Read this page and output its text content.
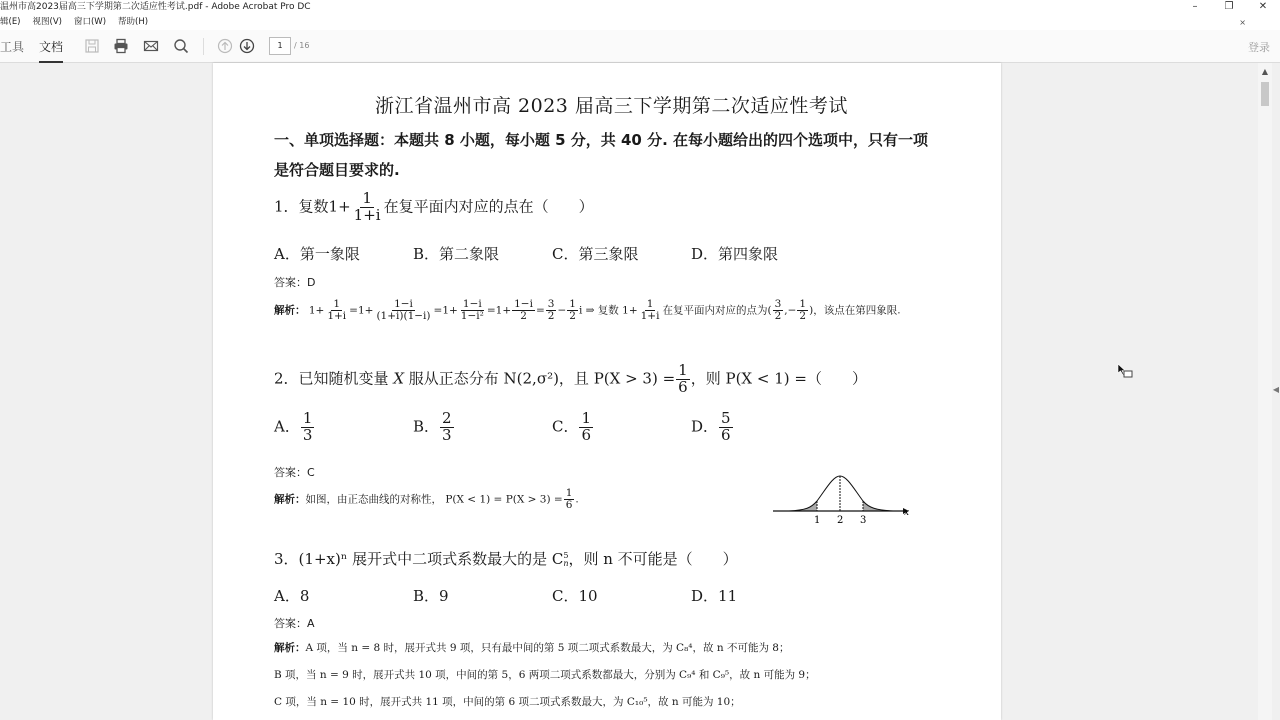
温州市高2023届高三下学期第二次适应性考试.pdf - Adobe Acrobat Pro DC	–	❐	✕
辑(E) 视图(V) 窗口(W) 帮助(H)	×
工具 文档	1	/ 16	登录
浙江省温州市高 2023 届高三下学期第二次适应性考试
一、单项选择题：本题共 8 小题，每小题 5 分，共 40 分. 在每小题给出的四个选项中，只有一项
是符合题目要求的.
1．复数$1+ \frac{1}{1+i}$ 在复平面内对应的点在（　　）
A．第一象限	B．第二象限	C．第三象限	D．第四象限
答案：D
解析： $1+ \frac{1}{1+i} =1+ \frac{1-i}{(1+i)(1-i)} =1+ \frac{1-i}{\text{1−i²}} =1+ \frac{1-i}{2} = \frac{3}{2} - \frac{1}{2}$ i ⇒ 复数 $1+ \frac{1}{1+i}$ 在复平面内对应的点为( $\frac{3}{2}$ ,− $\frac{1}{2}$ )，该点在第四象限.
2．已知随机变量 X 服从正态分布 N(2,σ²)，且 $P(X > 3) = \frac{1}{6}$ ，则 P(X < 1) =（　　）
A． $\frac{1}{3}$	B． $\frac{2}{3}$	C． $\frac{1}{6}$	D． $\frac{5}{6}$
答案：C
解析：如图，由正态曲线的对称性， $P(X < 1) = P(X > 3) = \frac{1}{6}$ .
1 2 3
x
3．(1+x)ⁿ 展开式中二项式系数最大的是 C 5
n ，则 n 不可能是（　　）
A．8	B．9	C．10	D．11
答案：A
解析：A 项，当 n = 8 时，展开式共 9 项，只有最中间的第 5 项二项式系数最大，为 C₈⁴，故 n 不可能为 8；
B 项，当 n = 9 时，展开式共 10 项，中间的第 5，6 两项二项式系数都最大，分别为 C₉⁴ 和 C₉⁵，故 n 可能为 9；
C 项，当 n = 10 时，展开式共 11 项，中间的第 6 项二项式系数最大，为 C₁₀⁵，故 n 可能为 10；
▲
◀
